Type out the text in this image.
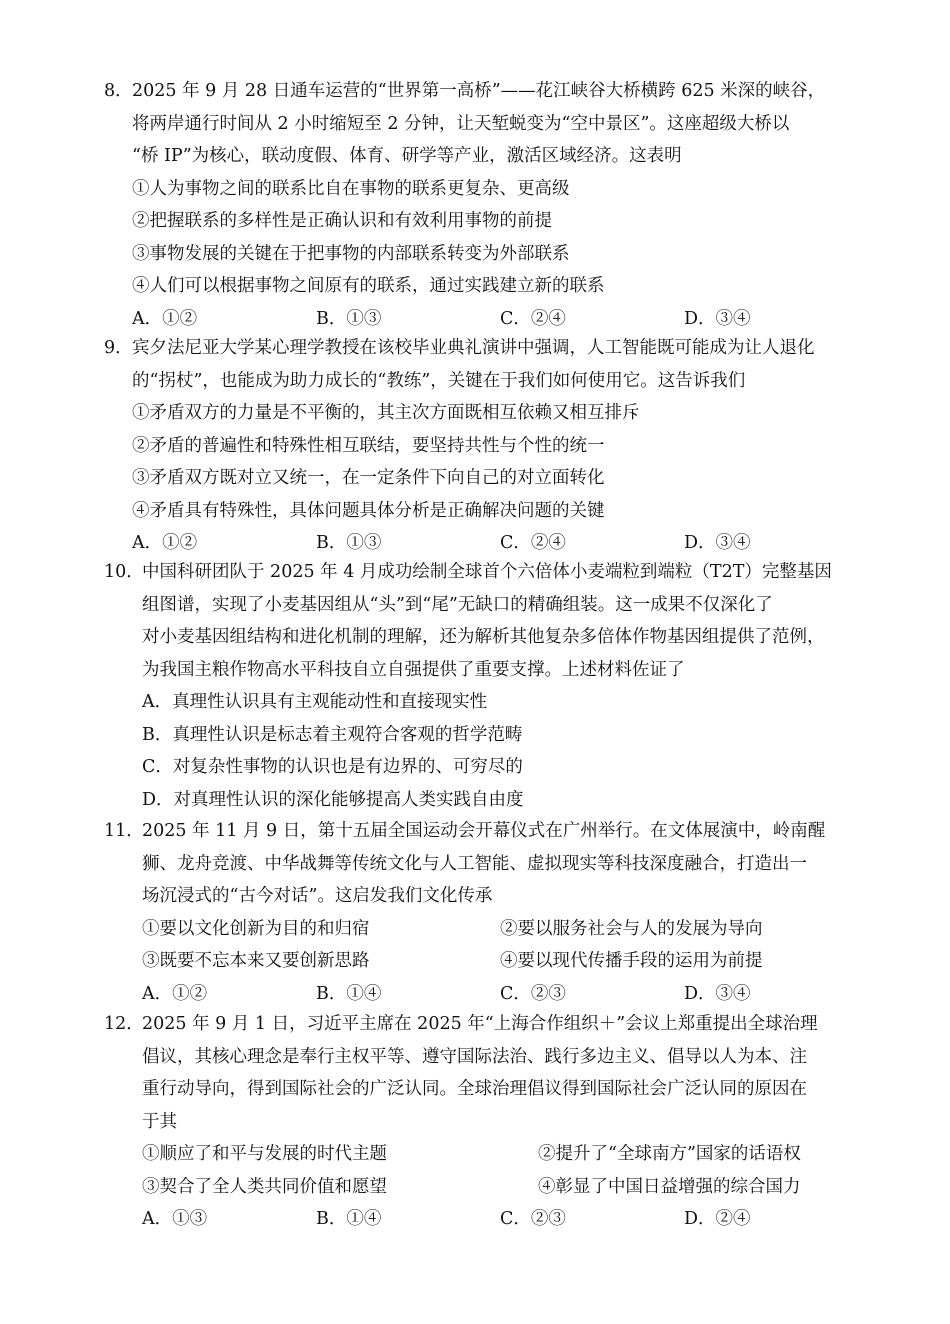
8． 2025 年 9 月 28 日通车运营的“世界第一高桥”——花江峡谷大桥横跨 625 米深的峡谷，
将两岸通行时间从 2 小时缩短至 2 分钟，让天堑蜕变为“空中景区”。这座超级大桥以
“桥 IP”为核心，联动度假、体育、研学等产业，激活区域经济。这表明
①人为事物之间的联系比自在事物的联系更复杂、更高级
②把握联系的多样性是正确认识和有效利用事物的前提
③事物发展的关键在于把事物的内部联系转变为外部联系
④人们可以根据事物之间原有的联系，通过实践建立新的联系
A．①②	B．①③	C．②④	D．③④
9． 宾夕法尼亚大学某心理学教授在该校毕业典礼演讲中强调，人工智能既可能成为让人退化
的“拐杖”，也能成为助力成长的“教练”，关键在于我们如何使用它。这告诉我们
①矛盾双方的力量是不平衡的，其主次方面既相互依赖又相互排斥
②矛盾的普遍性和特殊性相互联结，要坚持共性与个性的统一
③矛盾双方既对立又统一，在一定条件下向自己的对立面转化
④矛盾具有特殊性，具体问题具体分析是正确解决问题的关键
A．①②	B．①③	C．②④	D．③④
10．
中国科研团队于 2025 年 4 月成功绘制全球首个六倍体小麦端粒到端粒（T2T）完整基因
组图谱，实现了小麦基因组从“头”到“尾”无缺口的精确组装。这一成果不仅深化了
对小麦基因组结构和进化机制的理解，还为解析其他复杂多倍体作物基因组提供了范例，
为我国主粮作物高水平科技自立自强提供了重要支撑。上述材料佐证了
A．真理性认识具有主观能动性和直接现实性
B．真理性认识是标志着主观符合客观的哲学范畴
C．对复杂性事物的认识也是有边界的、可穷尽的
D．对真理性认识的深化能够提高人类实践自由度
11．
2025 年 11 月 9 日，第十五届全国运动会开幕仪式在广州举行。在文体展演中，岭南醒
狮、龙舟竞渡、中华战舞等传统文化与人工智能、虚拟现实等科技深度融合，打造出一
场沉浸式的“古今对话”。这启发我们文化传承
①要以文化创新为目的和归宿	②要以服务社会与人的发展为导向
③既要不忘本来又要创新思路	④要以现代传播手段的运用为前提
A．①②	B．①④	C．②③	D．③④
12．
2025 年 9 月 1 日，习近平主席在 2025 年“上海合作组织＋”会议上郑重提出全球治理
倡议，其核心理念是奉行主权平等、遵守国际法治、践行多边主义、倡导以人为本、注
重行动导向，得到国际社会的广泛认同。全球治理倡议得到国际社会广泛认同的原因在
于其
①顺应了和平与发展的时代主题	②提升了“全球南方”国家的话语权
③契合了全人类共同价值和愿望	④彰显了中国日益增强的综合国力
A．①③	B．①④	C．②③	D．②④
